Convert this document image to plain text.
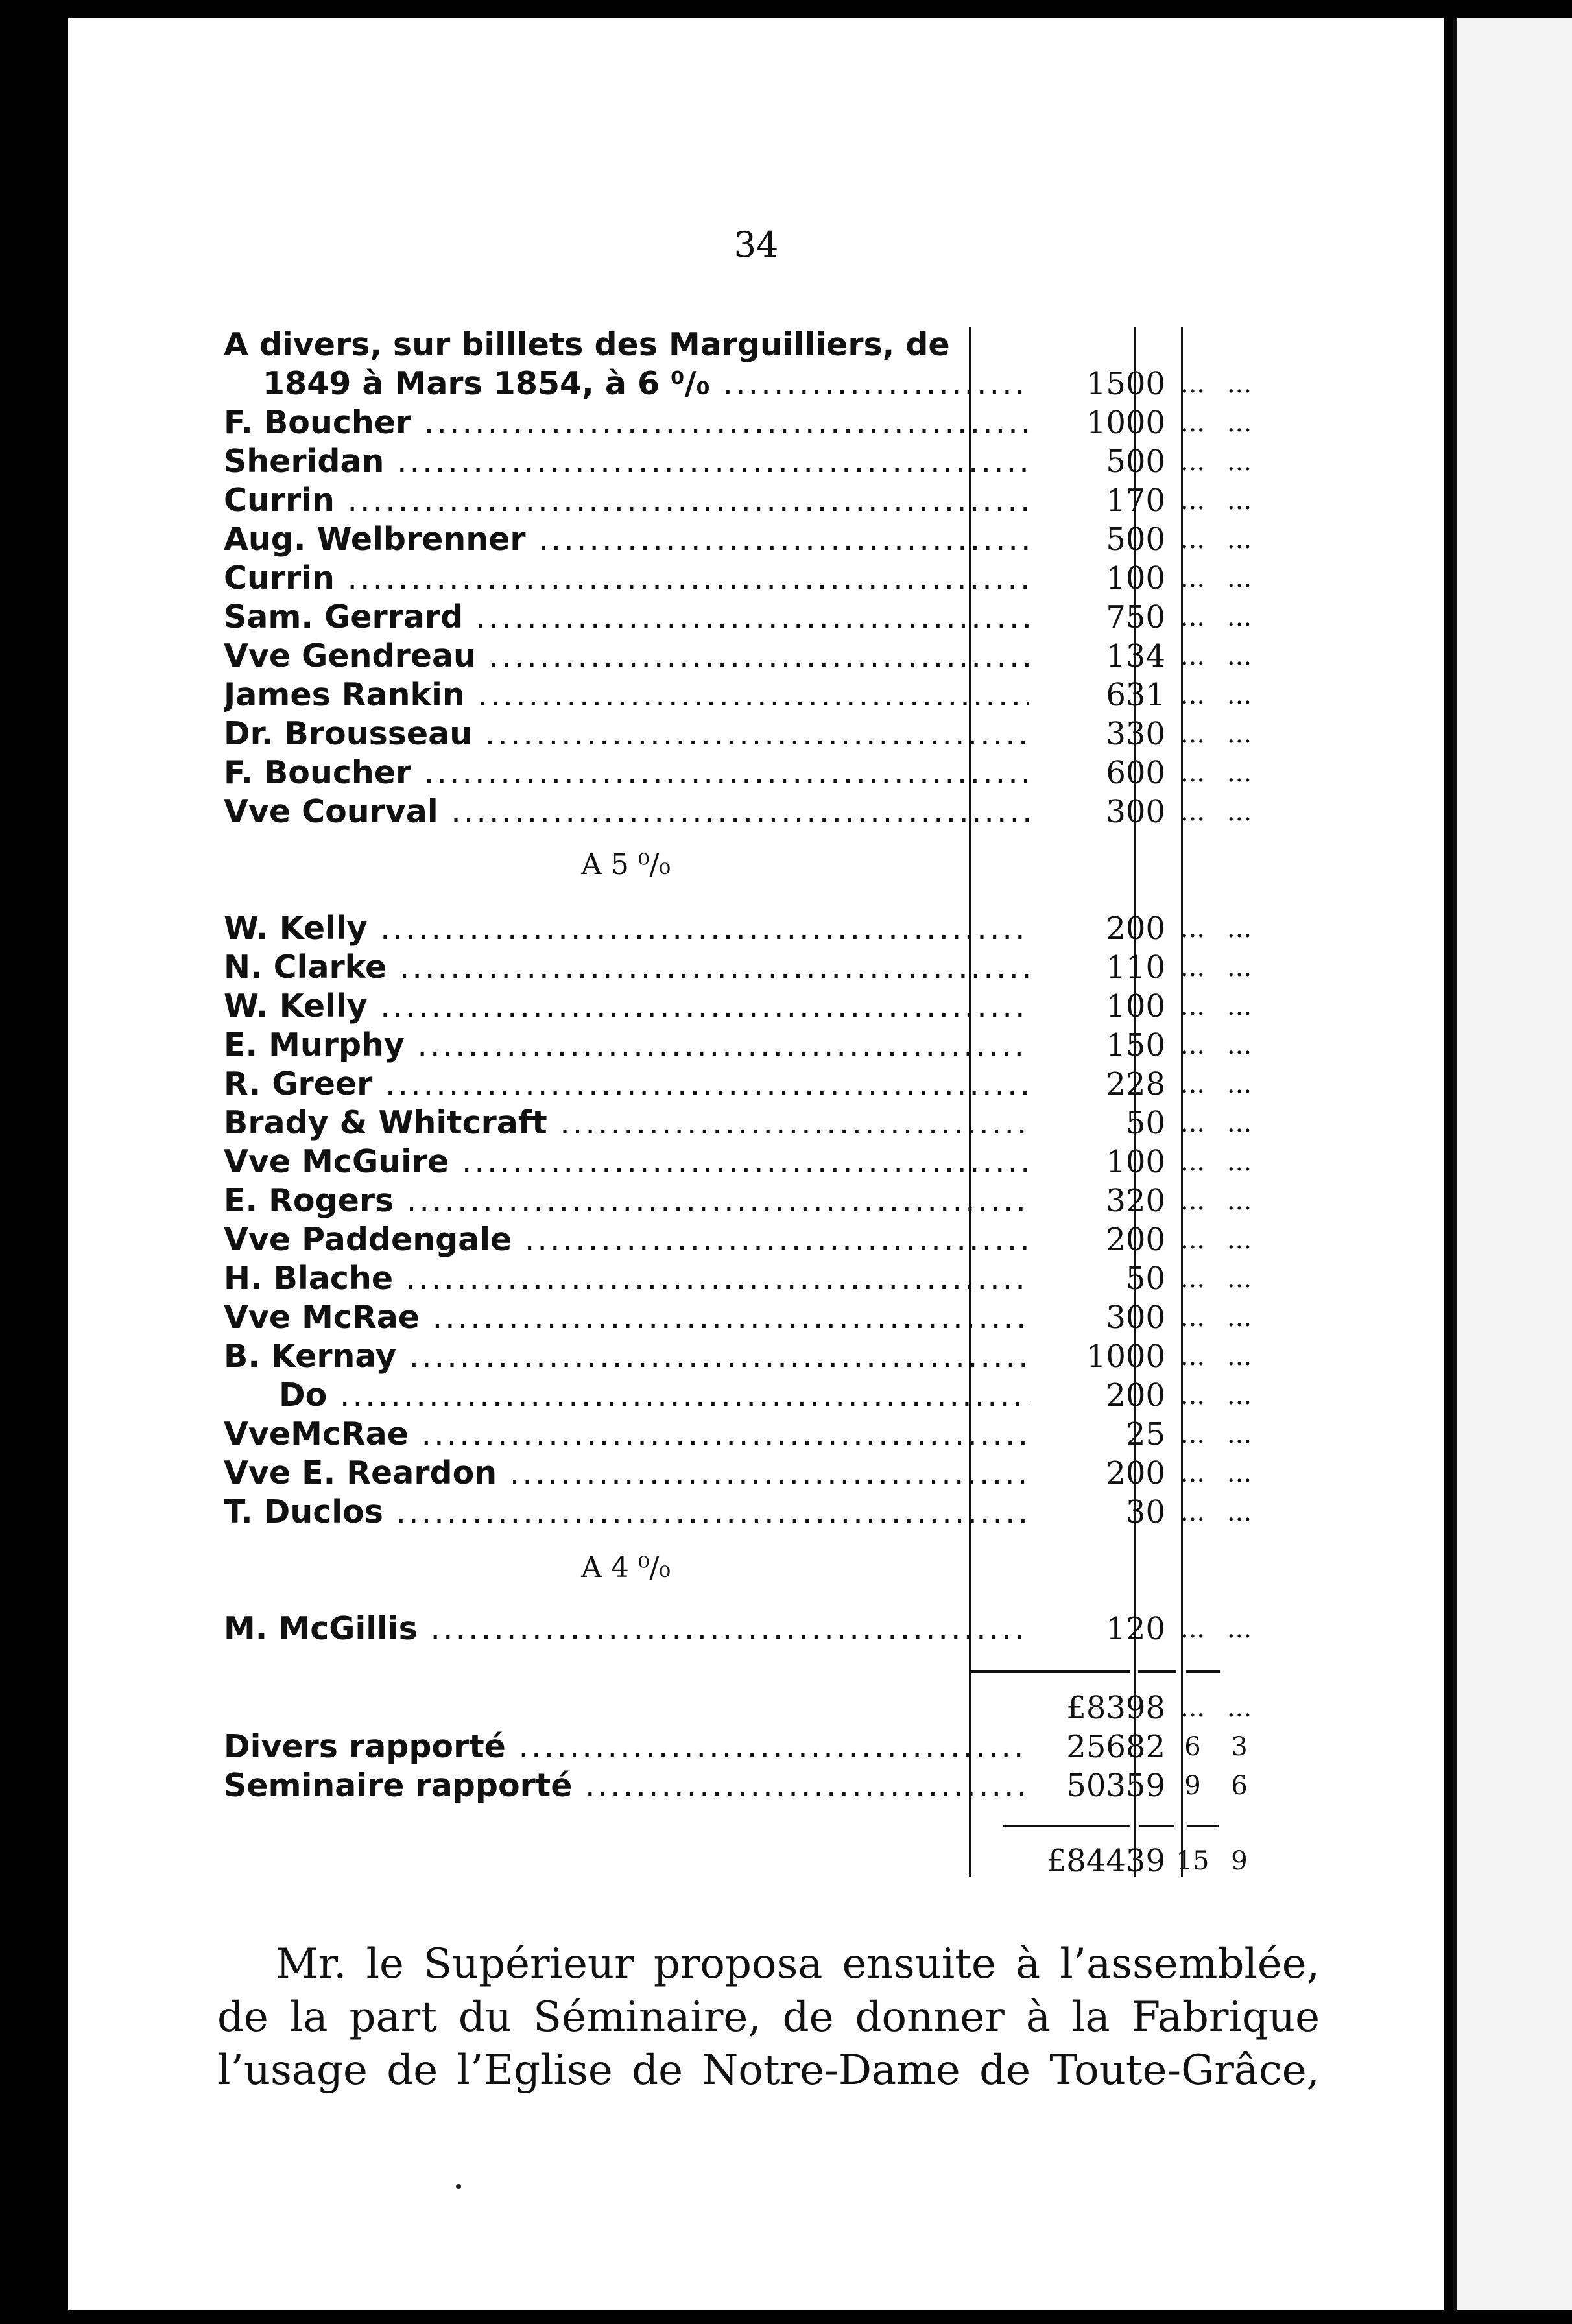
34
A divers, sur billlets des Marguilliers, de
1849 à Mars 1854, à 6 ⁰/₀ .....	1500 ... ...
F. Boucher .....	1000 ... ...
Sheridan .....	500 ... ...
Currin .....	170 ... ...
Aug. Welbrenner .....	500 ... ...
Currin .....	100 ... ...
Sam. Gerrard .....	750 ... ...
Vve Gendreau .....	134 ... ...
James Rankin .....	631 ... ...
Dr. Brousseau .....	330 ... ...
F. Boucher .....	600 ... ...
Vve Courval .....	300 ... ...
A 5 ⁰/₀
W. Kelly .....	200 ... ...
N. Clarke .....	110 ... ...
W. Kelly .....	100 ... ...
E. Murphy .....	150 ... ...
R. Greer .....	228 ... ...
Brady & Whitcraft .....	50 ... ...
Vve McGuire .....	100 ... ...
E. Rogers .....	320 ... ...
Vve Paddengale .....	200 ... ...
H. Blache .....	50 ... ...
Vve McRae .....	300 ... ...
B. Kernay .....	1000 ... ...
Do .....	200 ... ...
VveMcRae .....	25 ... ...
Vve E. Reardon .....	200 ... ...
T. Duclos .....	30 ... ...
A 4 ⁰/₀
M. McGillis .....	120 ... ...
£8398 ... ...
Divers rapporté .....	25682 6	3
Seminaire rapporté .....	50359 9	6
£84439 15 9

Mr. le Supérieur proposa ensuite à l’assemblée,

de la part du Séminaire, de donner à la Fabrique

l’usage de l’Eglise de Notre-Dame de Toute-Grâce,
